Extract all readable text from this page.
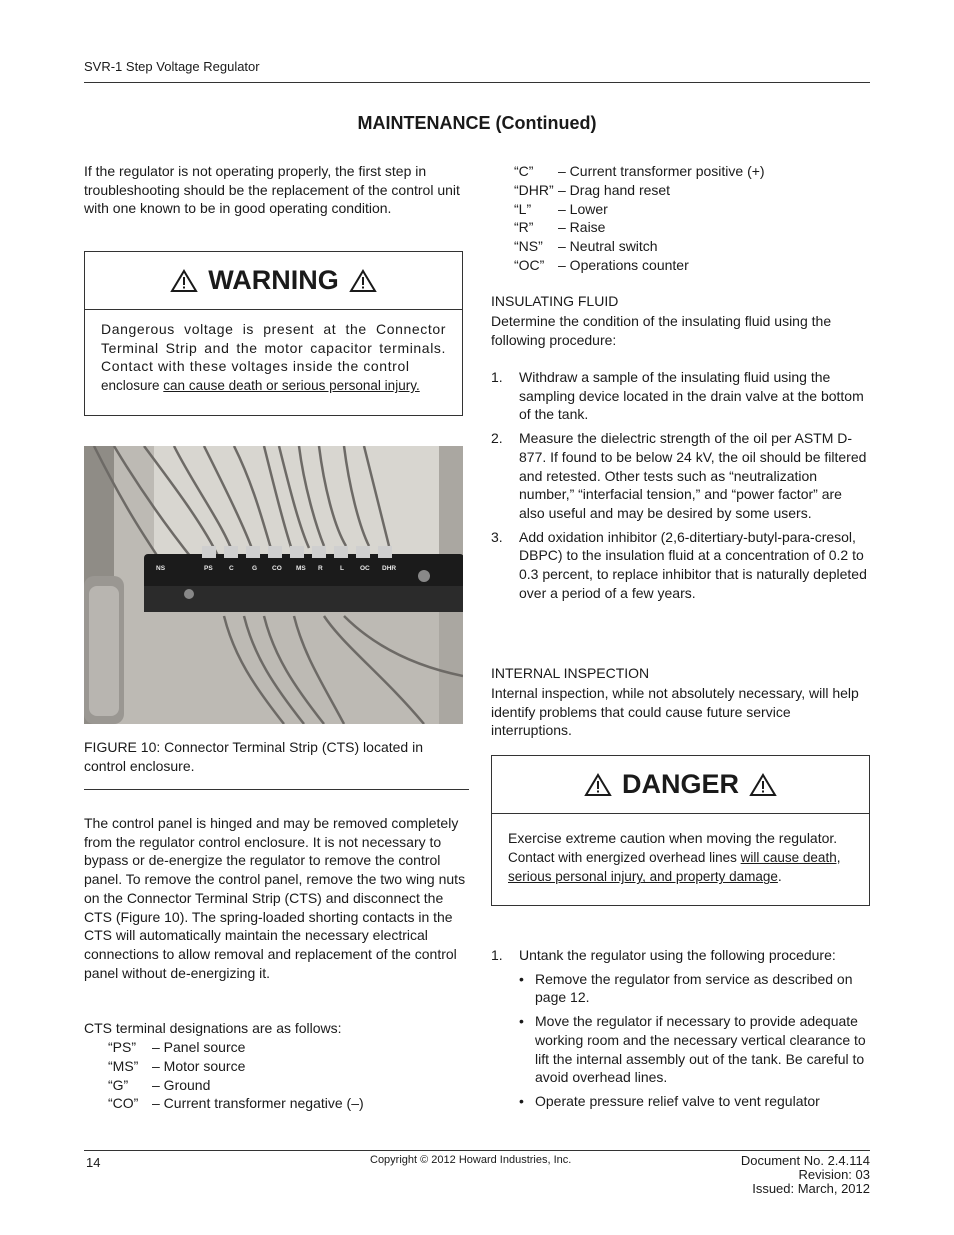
SVR-1 Step Voltage Regulator
MAINTENANCE (Continued)
If the regulator is not operating properly, the first step in troubleshooting should be the replacement of the control unit with one known to be in good operating condition.
WARNING
Dangerous voltage is present at the Connector Terminal Strip and the motor capacitor terminals. Contact with these voltages inside the control
enclosure can cause death or serious personal injury.
NS	PS	C	G CO MS R	L OC DHR
FIGURE 10: Connector Terminal Strip (CTS) located in control enclosure.
The control panel is hinged and may be removed completely from the regulator control enclosure. It is not necessary to bypass or de-energize the regulator to remove the control panel. To remove the control panel, remove the two wing nuts on the Connector Terminal Strip (CTS) and disconnect the CTS (Figure 10). The spring-loaded shorting contacts in the CTS will automatically maintain the necessary electrical connections to allow removal and replacement of the control panel without de-energizing it.
CTS terminal designations are as follows:
“PS”	– Panel source
“MS” – Motor source
“G”	– Ground
“CO” – Current transformer negative (–)
“C”	– Current transformer positive (+)
“DHR” – Drag hand reset
“L”	– Lower
“R”	– Raise
“NS”	– Neutral switch
“OC” – Operations counter
INSULATING FLUID
Determine the condition of the insulating fluid using the following procedure:
1.	Withdraw a sample of the insulating fluid using the sampling device located in the drain valve at the bottom of the tank.
2.	Measure the dielectric strength of the oil per ASTM D-877. If found to be below 24 kV, the oil should be filtered and retested. Other tests such as “neutralization number,” “interfacial tension,” and “power factor” are also useful and may be desired by some users.
3.	Add oxidation inhibitor (2,6-ditertiary-butyl-para-cresol, DBPC) to the insulation fluid at a concentration of 0.2 to 0.3 percent, to replace inhibitor that is naturally depleted over a period of a few years.
INTERNAL INSPECTION
Internal inspection, while not absolutely necessary, will help identify problems that could cause future service interruptions.
DANGER
Exercise extreme caution when moving the regulator.
Contact with energized overhead lines will cause death, serious personal injury, and property damage.
1.	Untank the regulator using the following procedure:
• Remove the regulator from service as described on page 12.
• Move the regulator if necessary to provide adequate working room and the necessary vertical clearance to lift the internal assembly out of the tank. Be careful to avoid overhead lines.
• Operate pressure relief valve to vent regulator
14	Copyright © 2012 Howard Industries, Inc.	Document No. 2.4.114
Revision: 03
Issued: March, 2012
